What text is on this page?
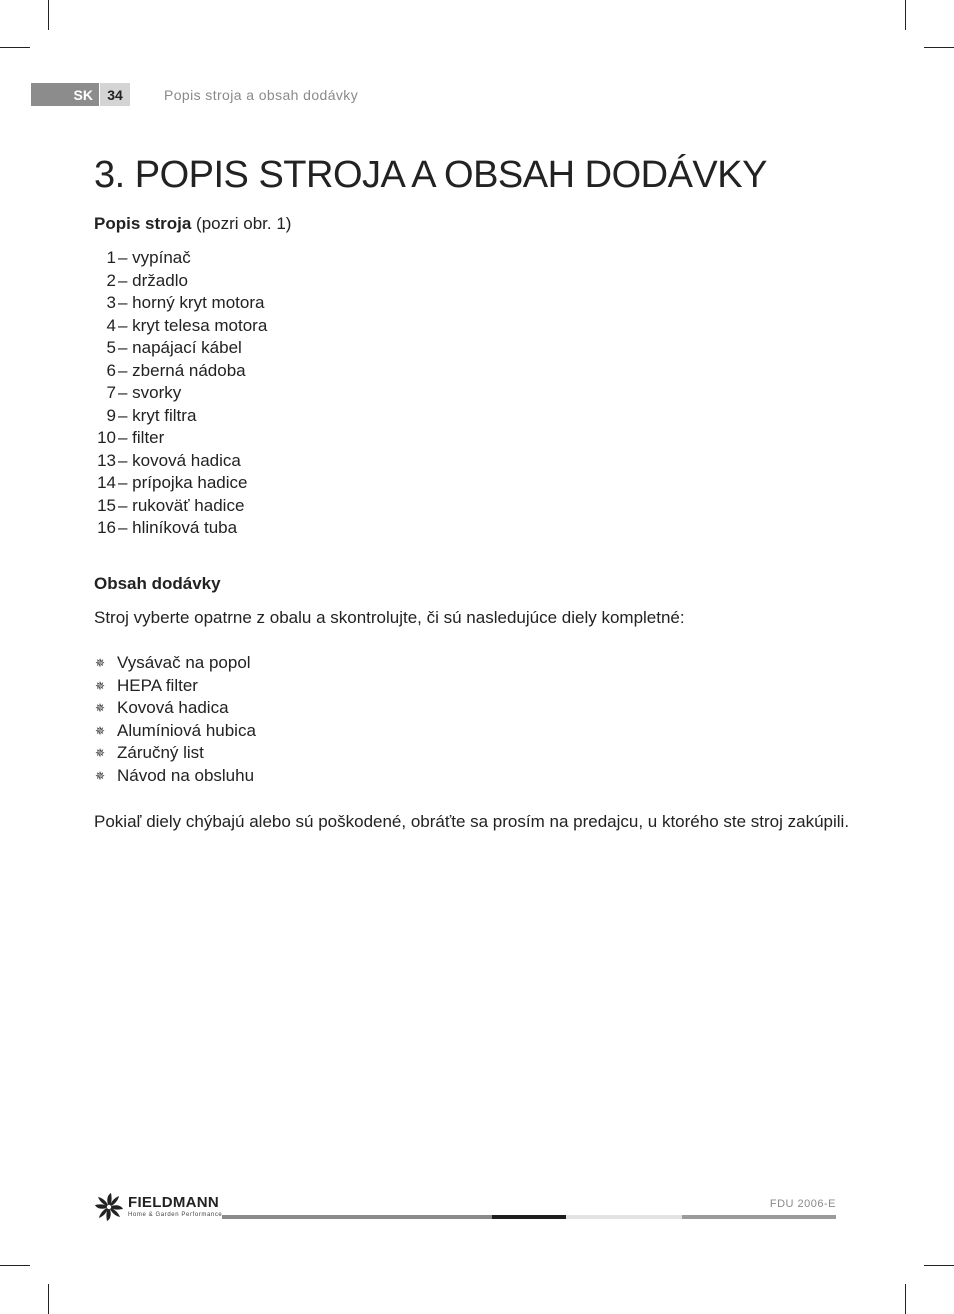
SK	34	Popis stroja a obsah dodávky
3. POPIS STROJA A OBSAH DODÁVKY
Popis stroja (pozri obr. 1)
1 – vypínač
2 – držadlo
3 – horný kryt motora
4 – kryt telesa motora
5 – napájací kábel
6 – zberná nádoba
7 – svorky
9 – kryt filtra
10 – filter
13 – kovová hadica
14 – prípojka hadice
15 – rukoväť hadice
16 – hliníková tuba
Obsah dodávky
Stroj vyberte opatrne z obalu a skontrolujte, či sú nasledujúce diely kompletné:
✵ Vysávač na popol
✵ HEPA filter
✵ Kovová hadica
✵ Alumíniová hubica
✵ Záručný list
✵ Návod na obsluhu
Pokiaľ diely chýbajú alebo sú poškodené, obráťte sa prosím na predajcu, u ktorého ste stroj zakúpili.
FIELDMANN
Home & Garden Performance
FDU 2006-E
